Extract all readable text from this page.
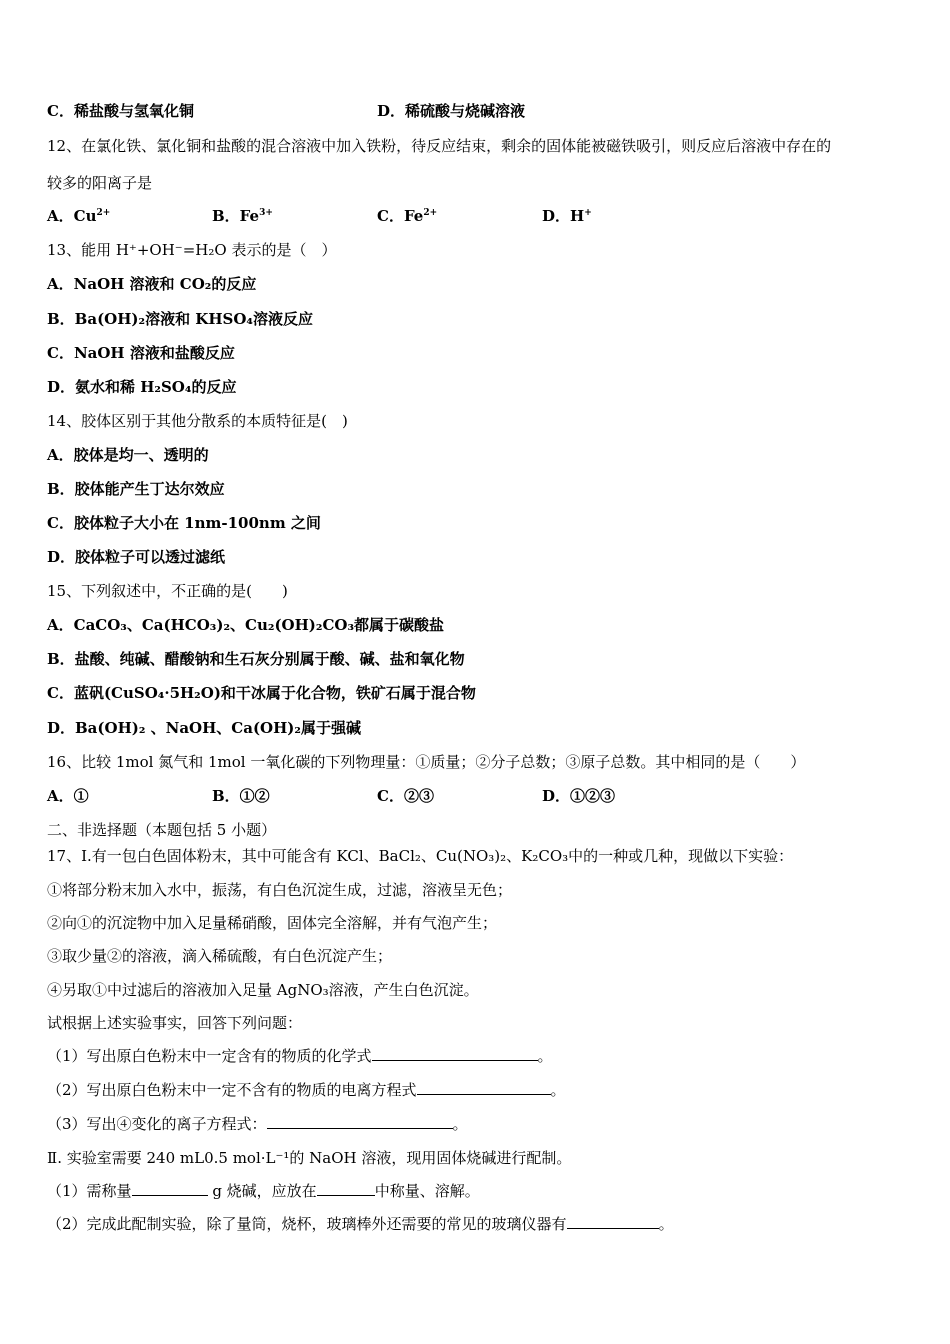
C．稀盐酸与氢氧化铜	D．稀硫酸与烧碱溶液
12、在氯化铁、氯化铜和盐酸的混合溶液中加入铁粉，待反应结束，剩余的固体能被磁铁吸引，则反应后溶液中存在的
较多的阳离子是
A．$Cu^{2+}$	B．$Fe^{3+}$	C．$Fe^{2+}$	D．H+
13、能用 H⁺+OH⁻=H₂O 表示的是（　）
A．NaOH 溶液和 CO₂的反应
B．Ba(OH)₂溶液和 KHSO₄溶液反应
C．NaOH 溶液和盐酸反应
D．氨水和稀 H₂SO₄的反应
14、胶体区别于其他分散系的本质特征是(　)
A．胶体是均一、透明的
B．胶体能产生丁达尔效应
C．胶体粒子大小在 1nm-100nm 之间
D．胶体粒子可以透过滤纸
15、下列叙述中，不正确的是(　　)
A．CaCO₃、Ca(HCO₃)₂、Cu₂(OH)₂CO₃都属于碳酸盐
B．盐酸、纯碱、醋酸钠和生石灰分别属于酸、碱、盐和氧化物
C．蓝矾(CuSO₄·5H₂O)和干冰属于化合物，铁矿石属于混合物
D．Ba(OH)₂ 、NaOH、Ca(OH)₂属于强碱
16、比较 1mol 氮气和 1mol 一氧化碳的下列物理量：①质量；②分子总数；③原子总数。其中相同的是（　　）
A．①	B．①②	C．②③	D．①②③
二、非选择题（本题包括 5 小题）
17、Ⅰ.有一包白色固体粉末，其中可能含有 KCl、BaCl₂、Cu(NO₃)₂、K₂CO₃中的一种或几种，现做以下实验：
①将部分粉末加入水中，振荡，有白色沉淀生成，过滤，溶液呈无色；
②向①的沉淀物中加入足量稀硝酸，固体完全溶解，并有气泡产生；
③取少量②的溶液，滴入稀硫酸，有白色沉淀产生；
④另取①中过滤后的溶液加入足量 AgNO₃溶液，产生白色沉淀。
试根据上述实验事实，回答下列问题：
（1）写出原白色粉末中一定含有的物质的化学式	。
（2）写出原白色粉末中一定不含有的物质的电离方程式	。
（3）写出④变化的离子方程式：	。
Ⅱ. 实验室需要 240 mL0.5 mol·L⁻¹的 NaOH 溶液，现用固体烧碱进行配制。
（1）需称量	g 烧碱，应放在	中称量、溶解。
（2）完成此配制实验，除了量筒，烧杯，玻璃棒外还需要的常见的玻璃仪器有	。
